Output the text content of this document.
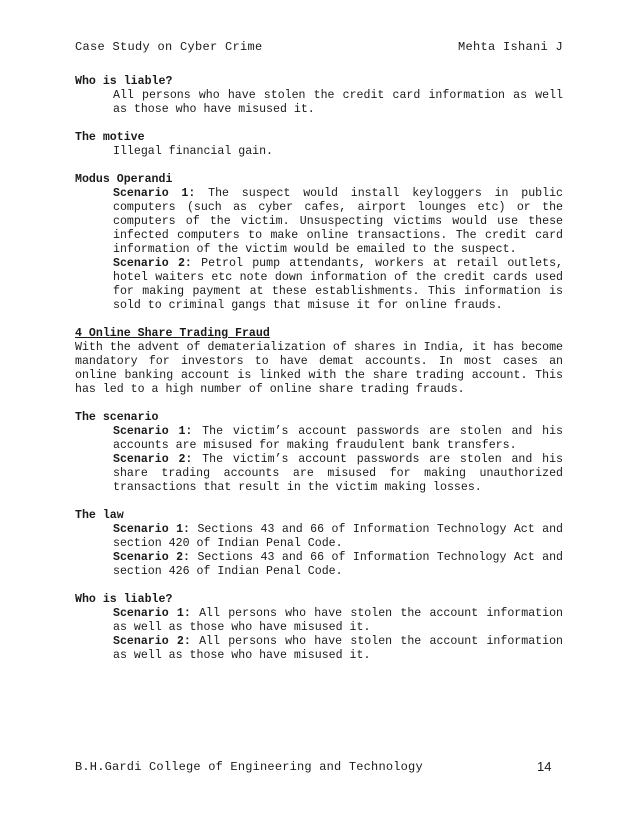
Case Study on Cyber Crime	Mehta Ishani J
Who is liable?
All persons who have stolen the credit card information as well as those who have misused it.
The motive
Illegal financial gain.
Modus Operandi
Scenario 1: The suspect would install keyloggers in public computers (such as cyber cafes, airport lounges etc) or the computers of the victim. Unsuspecting victims would use these infected computers to make online transactions. The credit card information of the victim would be emailed to the suspect.
Scenario 2: Petrol pump attendants, workers at retail outlets, hotel waiters etc note down information of the credit cards used for making payment at these establishments. This information is sold to criminal gangs that misuse it for online frauds.
4 Online Share Trading Fraud
With the advent of dematerialization of shares in India, it has become mandatory for investors to have demat accounts. In most cases an online banking account is linked with the share trading account. This has led to a high number of online share trading frauds.
The scenario
Scenario 1: The victim’s account passwords are stolen and his accounts are misused for making fraudulent bank transfers.
Scenario 2: The victim’s account passwords are stolen and his share trading accounts are misused for making unauthorized transactions that result in the victim making losses.
The law
Scenario 1: Sections 43 and 66 of Information Technology Act and section 420 of Indian Penal Code.
Scenario 2: Sections 43 and 66 of Information Technology Act and section 426 of Indian Penal Code.
Who is liable?
Scenario 1: All persons who have stolen the account information as well as those who have misused it.
Scenario 2: All persons who have stolen the account information as well as those who have misused it.
B.H.Gardi College of Engineering and Technology	14
